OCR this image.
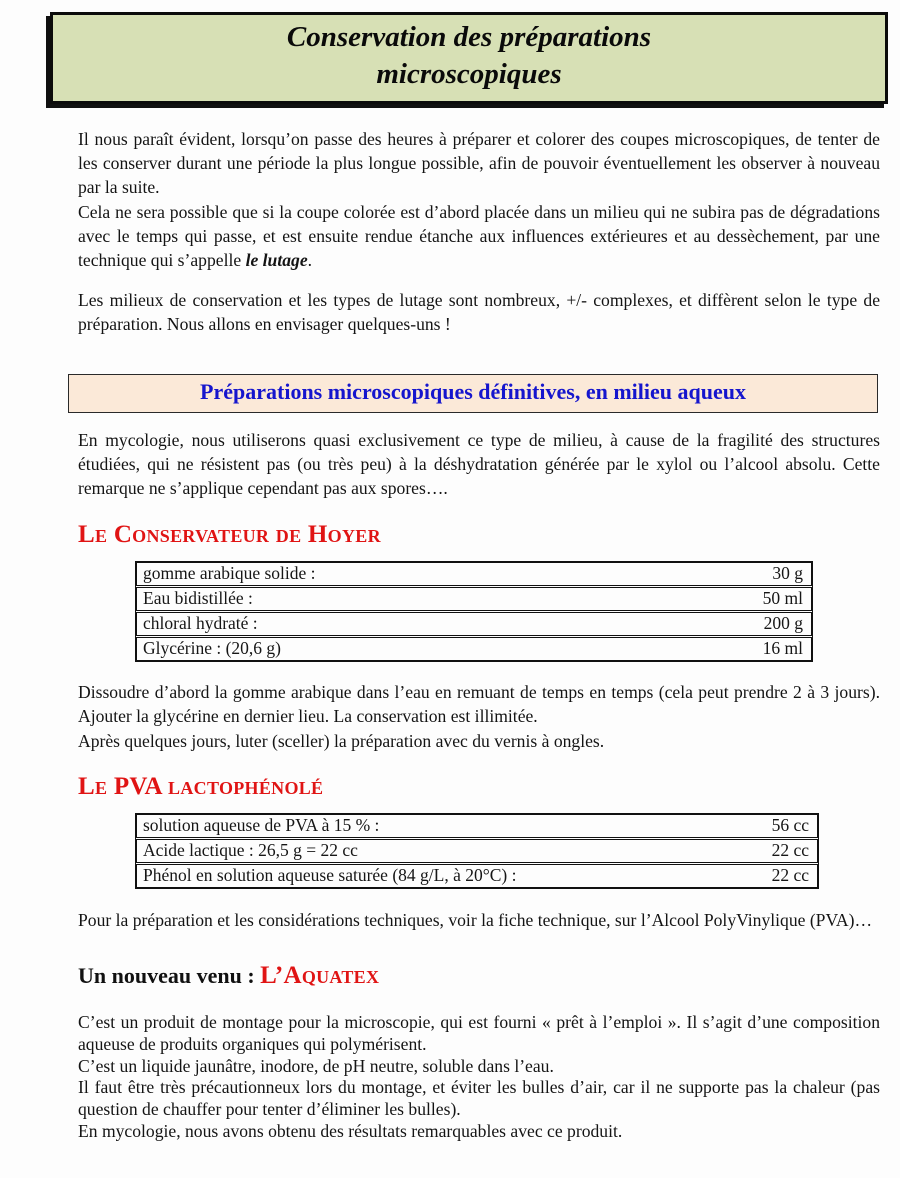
Conservation des préparations
microscopiques
Il nous paraît évident, lorsqu’on passe des heures à préparer et colorer des coupes microscopiques, de tenter de les conserver durant une période la plus longue possible, afin de pouvoir éventuellement les observer à nouveau par la suite.
Cela ne sera possible que si la coupe colorée est d’abord placée dans un milieu qui ne subira pas de dégradations avec le temps qui passe, et est ensuite rendue étanche aux influences extérieures et au dessèchement, par une technique qui s’appelle le lutage.
Les milieux de conservation et les types de lutage sont nombreux, +/- complexes, et diffèrent selon le type de préparation. Nous allons en envisager quelques-uns !
Préparations microscopiques définitives, en milieu aqueux
En mycologie, nous utiliserons quasi exclusivement ce type de milieu, à cause de la fragilité des structures étudiées, qui ne résistent pas (ou très peu) à la déshydratation générée par le xylol ou l’alcool absolu. Cette remarque ne s’applique cependant pas aux spores….
Le Conservateur de Hoyer
gomme arabique solide :	30 g
Eau bidistillée :	50 ml
chloral hydraté :	200 g
Glycérine : (20,6 g)	16 ml
Dissoudre d’abord la gomme arabique dans l’eau en remuant de temps en temps (cela peut prendre 2 à 3 jours). Ajouter la glycérine en dernier lieu. La conservation est illimitée.
Après quelques jours, luter (sceller) la préparation avec du vernis à ongles.
Le PVA lactophénolé
solution aqueuse de PVA à 15 % :	56 cc
Acide lactique : 26,5 g = 22 cc	22 cc
Phénol en solution aqueuse saturée (84 g/L, à 20°C) :	22 cc
Pour la préparation et les considérations techniques, voir la fiche technique, sur l’Alcool PolyVinylique (PVA)…
Un nouveau venu : L’Aquatex
C’est un produit de montage pour la microscopie, qui est fourni « prêt à l’emploi ». Il s’agit d’une composition aqueuse de produits organiques qui polymérisent.
C’est un liquide jaunâtre, inodore, de pH neutre, soluble dans l’eau.
Il faut être très précautionneux lors du montage, et éviter les bulles d’air, car il ne supporte pas la chaleur (pas question de chauffer pour tenter d’éliminer les bulles).
En mycologie, nous avons obtenu des résultats remarquables avec ce produit.
